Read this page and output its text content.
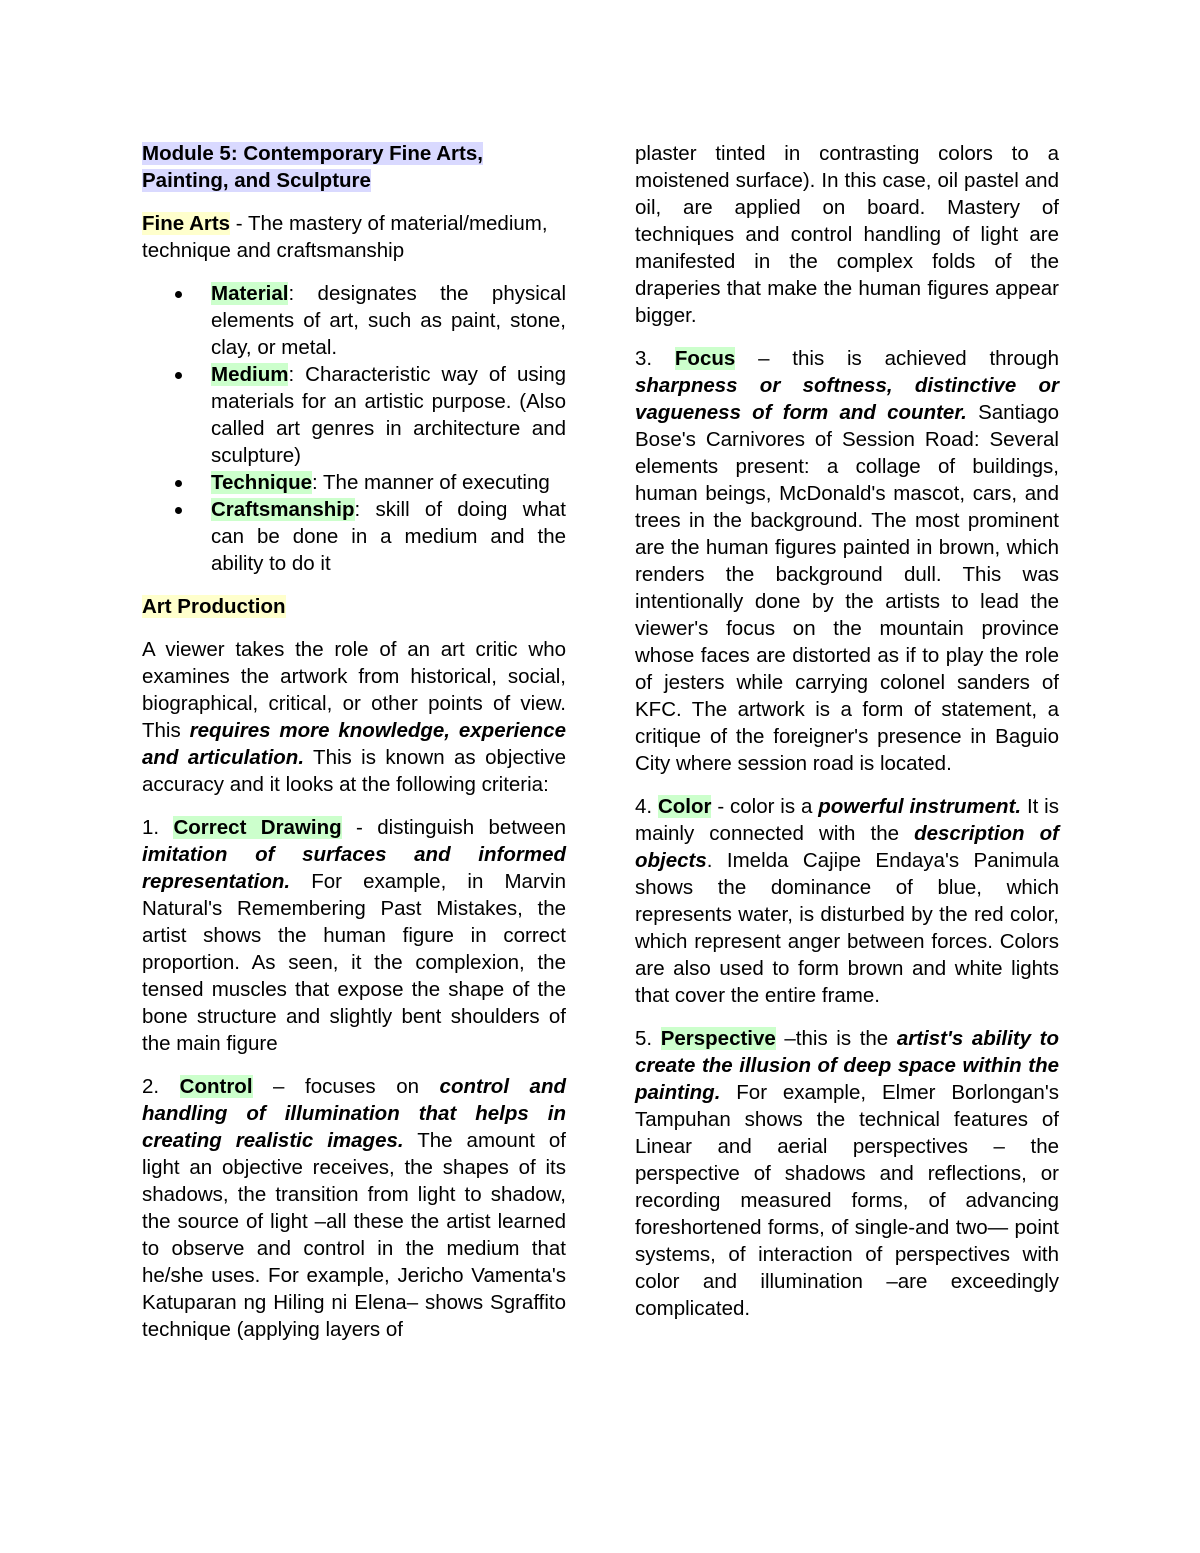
Module 5: Contemporary Fine Arts,
Painting, and Sculpture

Fine Arts - The mastery of material/medium, technique and craftsmanship

Material: designates the physical elements of art, such as paint, stone, clay, or metal.
Medium: Characteristic way of using materials for an artistic purpose. (Also called art genres in architecture and sculpture)
Technique: The manner of executing
Craftsmanship: skill of doing what can be done in a medium and the ability to do it

Art Production

A viewer takes the role of an art critic who examines the artwork from historical, social, biographical, critical, or other points of view. This requires more knowledge, experience and articulation. This is known as objective accuracy and it looks at the following criteria:

1. Correct Drawing - distinguish between imitation of surfaces and informed representation. For example, in Marvin Natural's Remembering Past Mistakes, the artist shows the human figure in correct proportion. As seen, it the complexion, the tensed muscles that expose the shape of the bone structure and slightly bent shoulders of the main figure

2. Control – focuses on control and handling of illumination that helps in creating realistic images. The amount of light an objective receives, the shapes of its shadows, the transition from light to shadow, the source of light –all these the artist learned to observe and control in the medium that he/she uses. For example, Jericho Vamenta's Katuparan ng Hiling ni Elena– shows Sgraffito technique (applying layers of

plaster tinted in contrasting colors to a moistened surface). In this case, oil pastel and oil, are applied on board. Mastery of techniques and control handling of light are manifested in the complex folds of the draperies that make the human figures appear bigger.

3. Focus – this is achieved through sharpness or softness, distinctive or vagueness of form and counter. Santiago Bose's Carnivores of Session Road: Several elements present: a collage of buildings, human beings, McDonald's mascot, cars, and trees in the background. The most prominent are the human figures painted in brown, which renders the background dull. This was intentionally done by the artists to lead the viewer's focus on the mountain province whose faces are distorted as if to play the role of jesters while carrying colonel sanders of KFC. The artwork is a form of statement, a critique of the foreigner's presence in Baguio City where session road is located.

4. Color - color is a powerful instrument. It is mainly connected with the description of objects. Imelda Cajipe Endaya's Panimula shows the dominance of blue, which represents water, is disturbed by the red color, which represent anger between forces. Colors are also used to form brown and white lights that cover the entire frame.

5. Perspective –this is the artist's ability to create the illusion of deep space within the painting. For example, Elmer Borlongan's Tampuhan shows the technical features of Linear and aerial perspectives – the perspective of shadows and reflections, or recording measured forms, of advancing foreshortened forms, of single-and two— point systems, of interaction of perspectives with color and illumination –are exceedingly complicated.
